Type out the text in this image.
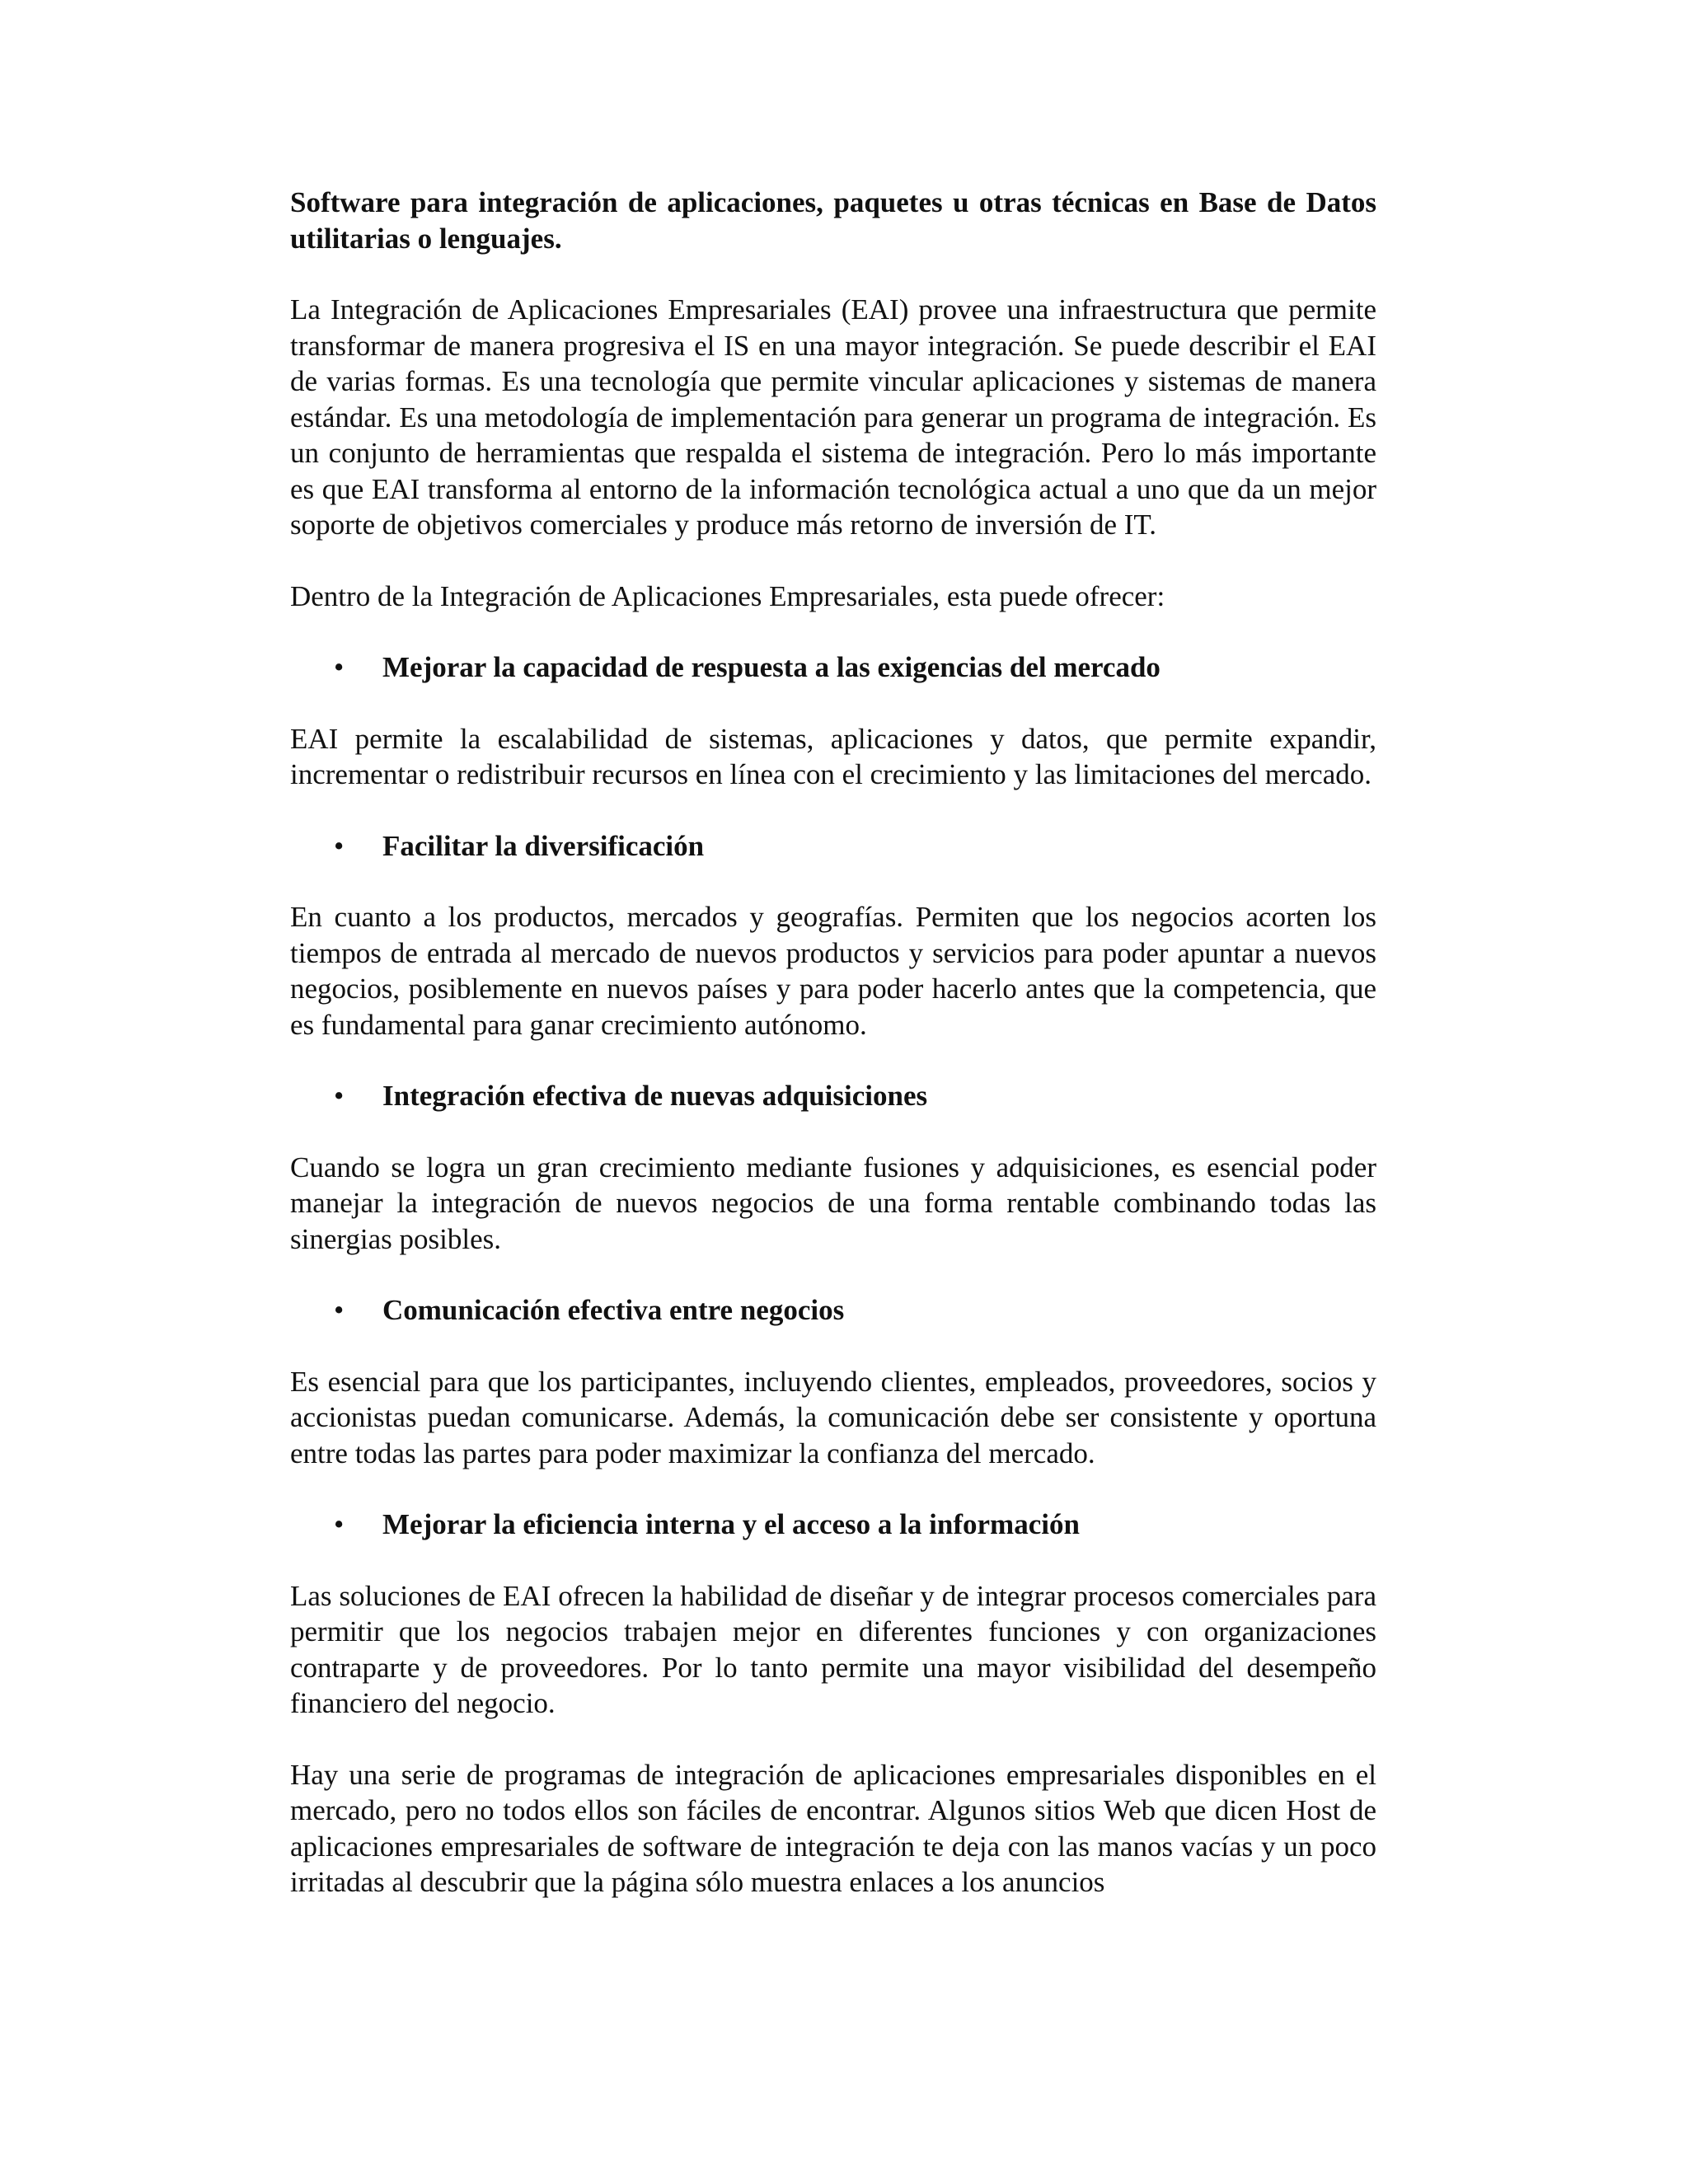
Software para integración de aplicaciones, paquetes u otras técnicas en Base de Datos utilitarias o lenguajes.

La Integración de Aplicaciones Empresariales (EAI) provee una infraestructura que permite transformar de manera progresiva el IS en una mayor integración. Se puede describir el EAI de varias formas. Es una tecnología que permite vincular aplicaciones y sistemas de manera estándar. Es una metodología de implementación para generar un programa de integración. Es un conjunto de herramientas que respalda el sistema de integración. Pero lo más importante es que EAI transforma al entorno de la información tecnológica actual a uno que da un mejor soporte de objetivos comerciales y produce más retorno de inversión de IT.

Dentro de la Integración de Aplicaciones Empresariales, esta puede ofrecer:

• Mejorar la capacidad de respuesta a las exigencias del mercado

EAI permite la escalabilidad de sistemas, aplicaciones y datos, que permite expandir, incrementar o redistribuir recursos en línea con el crecimiento y las limitaciones del mercado.

• Facilitar la diversificación

En cuanto a los productos, mercados y geografías. Permiten que los negocios acorten los tiempos de entrada al mercado de nuevos productos y servicios para poder apuntar a nuevos negocios, posiblemente en nuevos países y para poder hacerlo antes que la competencia, que es fundamental para ganar crecimiento autónomo.

• Integración efectiva de nuevas adquisiciones

Cuando se logra un gran crecimiento mediante fusiones y adquisiciones, es esencial poder manejar la integración de nuevos negocios de una forma rentable combinando todas las sinergias posibles.

• Comunicación efectiva entre negocios

Es esencial para que los participantes, incluyendo clientes, empleados, proveedores, socios y accionistas puedan comunicarse. Además, la comunicación debe ser consistente y oportuna entre todas las partes para poder maximizar la confianza del mercado.

• Mejorar la eficiencia interna y el acceso a la información

Las soluciones de EAI ofrecen la habilidad de diseñar y de integrar procesos comerciales para permitir que los negocios trabajen mejor en diferentes funciones y con organizaciones contraparte y de proveedores. Por lo tanto permite una mayor visibilidad del desempeño financiero del negocio.

Hay una serie de programas de integración de aplicaciones empresariales disponibles en el mercado, pero no todos ellos son fáciles de encontrar. Algunos sitios Web que dicen Host de aplicaciones empresariales de software de integración te deja con las manos vacías y un poco irritadas al descubrir que la página sólo muestra enlaces a los anuncios
